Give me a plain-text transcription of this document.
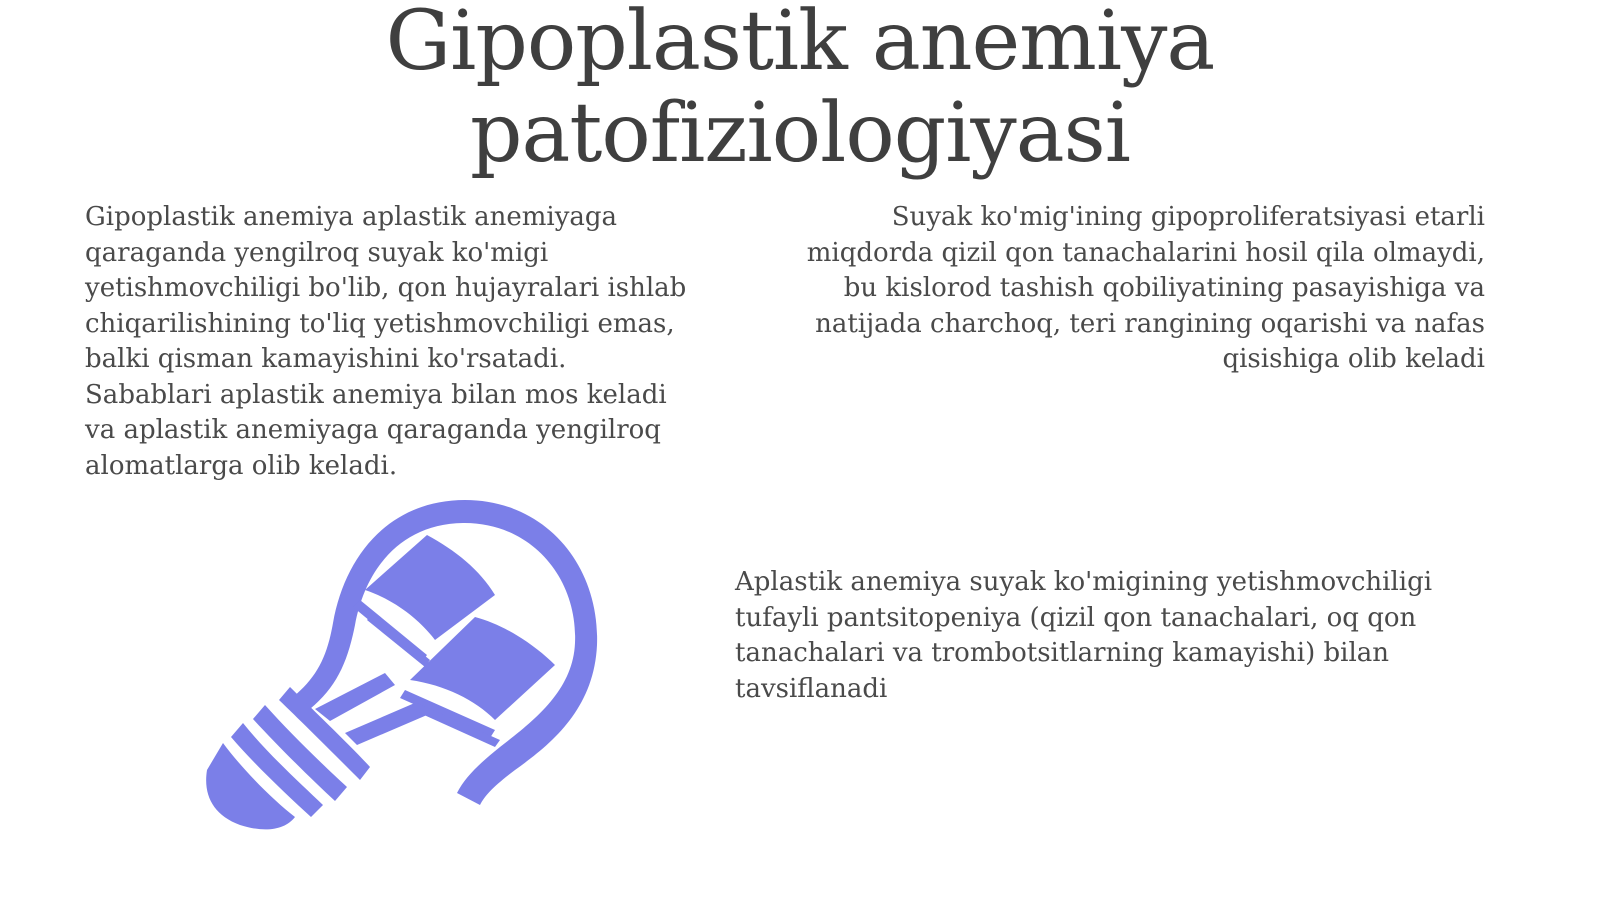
Gipoplastik anemiya patofiziologiyasi

Gipoplastik anemiya aplastik anemiyaga qaraganda yengilroq suyak ko'migi yetishmovchiligi bo'lib, qon hujayralari ishlab chiqarilishining to'liq yetishmovchiligi emas, balki qisman kamayishini ko'rsatadi. Sabablari aplastik anemiya bilan mos keladi va aplastik anemiyaga qaraganda yengilroq alomatlarga olib keladi.

Suyak ko'mig'ining gipoproliferatsiyasi etarli miqdorda qizil qon tanachalarini hosil qila olmaydi, bu kislorod tashish qobiliyatining pasayishiga va natijada charchoq, teri rangining oqarishi va nafas qisishiga olib keladi

Aplastik anemiya suyak ko'migining yetishmovchiligi tufayli pantsitopeniya (qizil qon tanachalari, oq qon tanachalari va trombotsitlarning kamayishi) bilan tavsiflanadi
